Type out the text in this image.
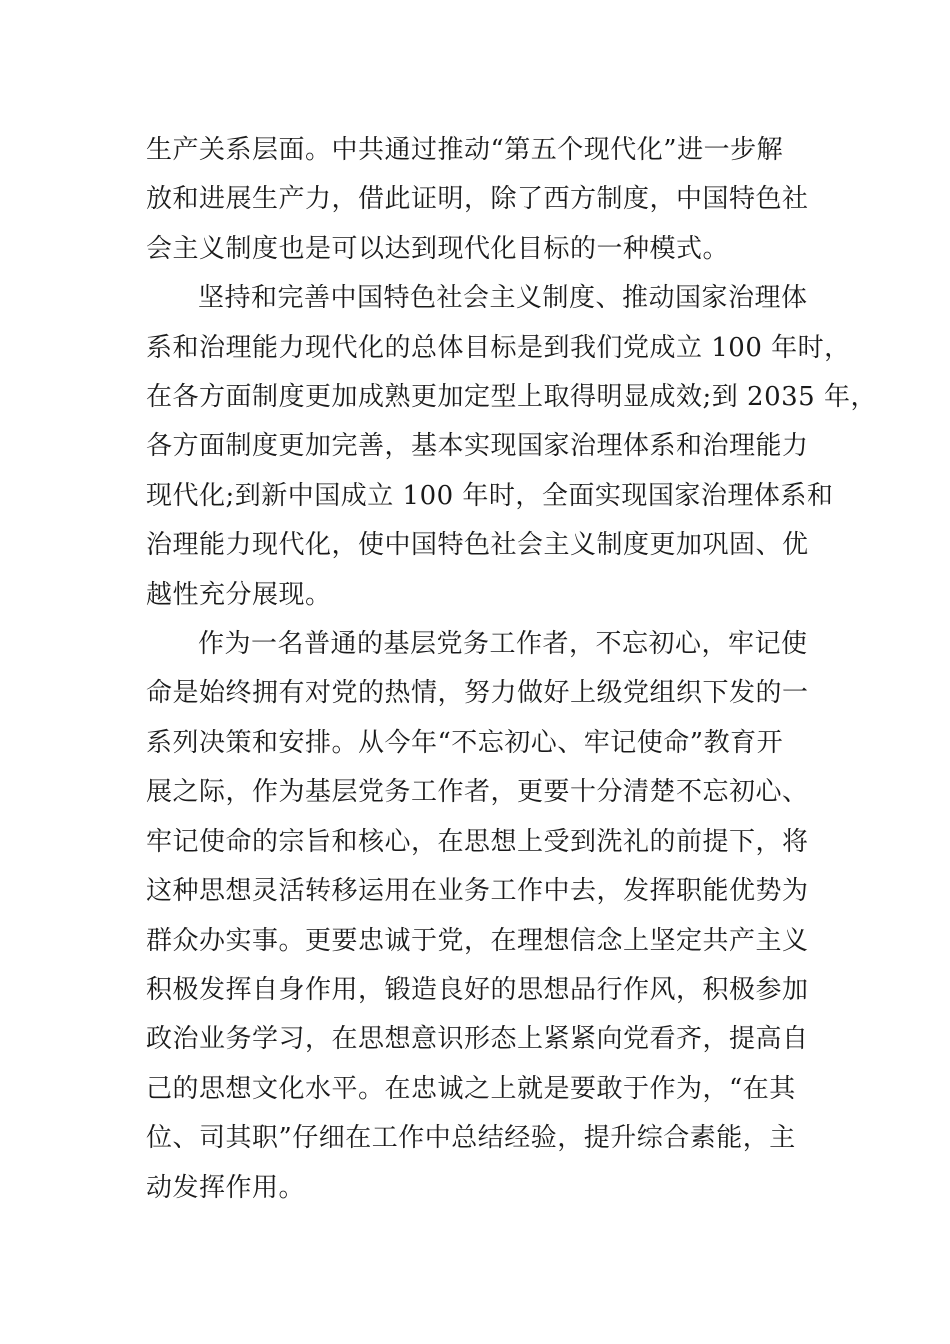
生产关系层面。中共通过推动“第五个现代化”进一步解
放和进展生产力，借此证明，除了西方制度，中国特色社
会主义制度也是可以达到现代化目标的一种模式。

坚持和完善中国特色社会主义制度、推动国家治理体
系和治理能力现代化的总体目标是到我们党成立 100 年时，
在各方面制度更加成熟更加定型上取得明显成效;到 2035 年，
各方面制度更加完善，基本实现国家治理体系和治理能力
现代化;到新中国成立 100 年时，全面实现国家治理体系和
治理能力现代化，使中国特色社会主义制度更加巩固、优
越性充分展现。

作为一名普通的基层党务工作者，不忘初心，牢记使
命是始终拥有对党的热情，努力做好上级党组织下发的一
系列决策和安排。从今年“不忘初心、牢记使命”教育开
展之际，作为基层党务工作者，更要十分清楚不忘初心、
牢记使命的宗旨和核心，在思想上受到洗礼的前提下，将
这种思想灵活转移运用在业务工作中去，发挥职能优势为
群众办实事。更要忠诚于党，在理想信念上坚定共产主义
积极发挥自身作用，锻造良好的思想品行作风，积极参加
政治业务学习，在思想意识形态上紧紧向党看齐，提高自
己的思想文化水平。在忠诚之上就是要敢于作为，“在其
位、司其职”仔细在工作中总结经验，提升综合素能，主
动发挥作用。
